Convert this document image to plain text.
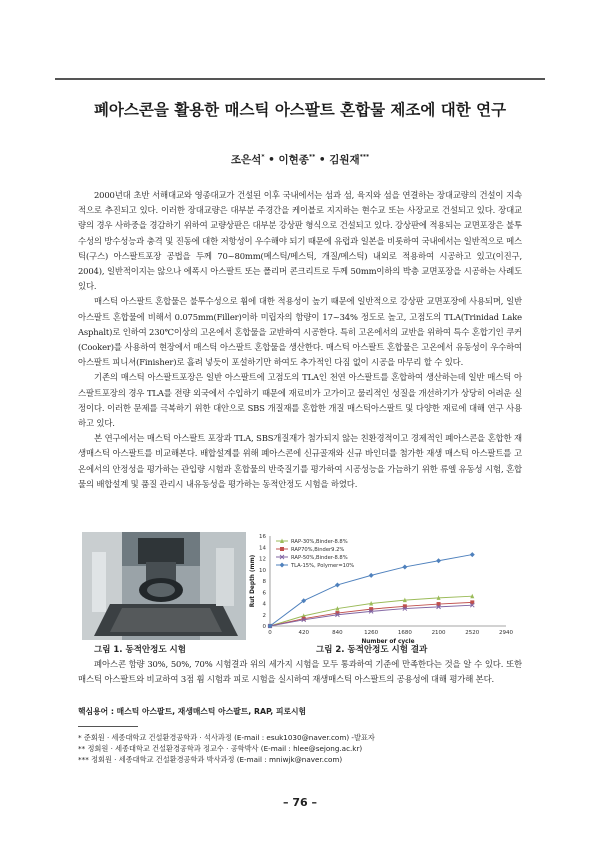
폐아스콘을 활용한 매스틱 아스팔트 혼합물 제조에 대한 연구
조은석* • 이현종** • 김원재***

2000년대 초반 서해대교와 영종대교가 건설된 이후 국내에서는 섬과 섬, 육지와 섬을 연결하는 장대교량의 건설이 지속적으로 추진되고 있다. 이러한 장대교량은 대부분 주경간을 케이블로 지지하는 현수교 또는 사장교로 건설되고 있다. 장대교량의 경우 사하중을 경감하기 위하여 교량상판은 대부분 강상판 형식으로 건설되고 있다. 강상판에 적용되는 교면포장은 불투수성의 방수성능과 충격 및 진동에 대한 저항성이 우수해야 되기 때문에 유럽과 일본을 비롯하여 국내에서는 일반적으로 메스틱(구스) 아스팔트포장 공법을 두께 70~80mm(메스틱/메스틱, 개질/메스틱) 내외로 적용하여 시공하고 있고(이진구, 2004), 일반적이지는 않으나 에폭시 아스팔트 또는 폴리머 콘크리트로 두께 50mm이하의 박층 교면포장을 시공하는 사례도 있다.

매스틱 아스팔트 혼합물은 불투수성으로 휨에 대한 적용성이 높기 때문에 일반적으로 강상판 교면포장에 사용되며, 일반 아스팔트 혼합물에 비해서 0.075mm(Filler)이하 미립자의 함량이 17~34% 정도로 높고, 고점도의 TLA(Trinidad Lake Asphalt)로 인하여 230℃이상의 고온에서 혼합물을 교반하여 시공한다. 특히 고온에서의 교반을 위하여 특수 혼합기인 쿠커(Cooker)를 사용하여 현장에서 매스틱 아스팔트 혼합물을 생산한다. 매스틱 아스팔트 혼합물은 고온에서 유동성이 우수하여 아스팔트 피니셔(Finisher)로 흘려 넣듯이 포설하기만 하여도 추가적인 다짐 없이 시공을 마무리 할 수 있다.

기존의 매스틱 아스팔트포장은 일반 아스팔트에 고점도의 TLA인 천연 아스팔트를 혼합하여 생산하는데 일반 매스틱 아스팔트포장의 경우 TLA를 전량 외국에서 수입하기 때문에 재료비가 고가이고 물리적인 성질을 개선하기가 상당히 어려운 실정이다. 이러한 문제를 극복하기 위한 대안으로 SBS 개질재를 혼합한 개질 매스틱아스팔트 및 다양한 재료에 대해 연구 사용하고 있다.

본 연구에서는 매스틱 아스팔트 포장과 TLA, SBS개질재가 첨가되지 않는 친환경적이고 경제적인 폐아스콘을 혼합한 재생매스틱 아스팔트를 비교해본다. 배합설계를 위해 폐아스콘에 신규골재와 신규 바인더를 첨가한 재생 매스틱 아스팔트를 고온에서의 안정성을 평가하는 관입량 시험과 혼합물의 반죽질기를 평가하여 시공성능을 가늠하기 위한 류엘 유동성 시험, 혼합물의 배합설계 및 품질 관리시 내유동성을 평가하는 동적안정도 시험을 하였다.

0
2
4
6
8
10
12
14
16
0	420	840	1260	1680	2100	2520	2940
Number of cycle
Rut Depth (mm)
RAP-30%,Binder-8.8%
RAP70%,Binder9.2%
RAP-50%,Binder-8.8%
TLA-15%, Polymer=10%
그림 1. 동적안정도 시험	그림 2. 동적안정도 시험 결과

폐아스콘 함량 30%, 50%, 70% 시험결과 위의 세가지 시험을 모두 통과하여 기준에 만족한다는 것을 알 수 있다. 또한 매스틱 아스팔트와 비교하여 3점 휨 시험과 피로 시험을 실시하여 재생매스틱 아스팔트의 공용성에 대해 평가해 본다.

핵심용어 : 매스틱 아스팔트, 재생매스틱 아스팔트, RAP, 피로시험
* 준회원 · 세종대학교 건설환경공학과 · 석사과정 (E-mail : esuk1030@naver.com) -발표자
** 정회원 · 세종대학교 건설환경공학과 정교수 · 공학박사 (E-mail : hlee@sejong.ac.kr)
*** 정회원 · 세종대학교 건설환경공학과 박사과정 (E-mail : mniwjk@naver.com)
– 76 –
